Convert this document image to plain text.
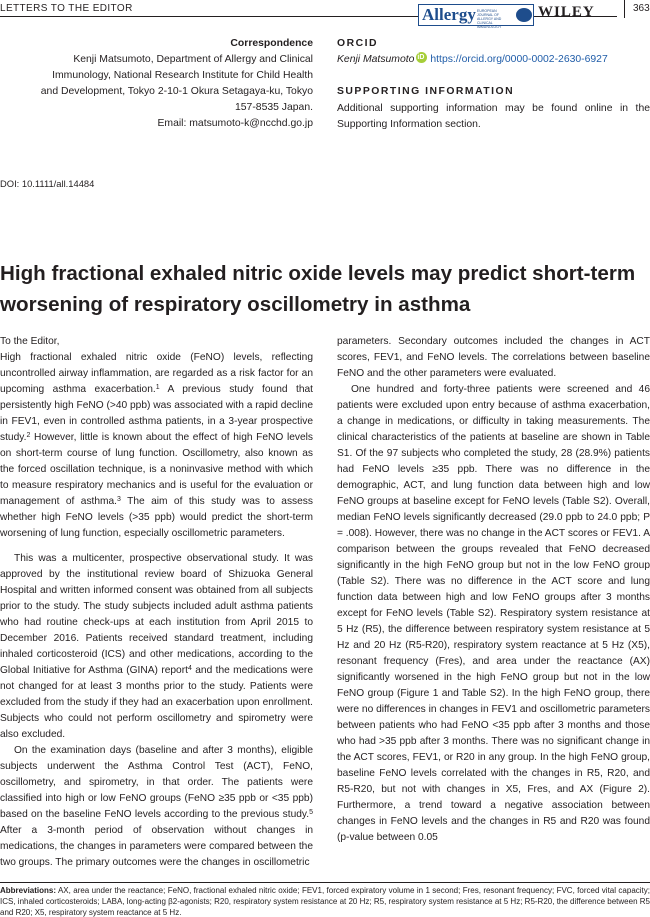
LETTERS TO THE EDITOR	Allergy EUROPEAN JOURNAL OF ALLERGY AND CLINICAL IMMUNOLOGY
WILEY	363
Correspondence
Kenji Matsumoto, Department of Allergy and Clinical
Immunology, National Research Institute for Child Health
and Development, Tokyo 2-10-1 Okura Setagaya-ku, Tokyo
157-8535 Japan.
Email: matsumoto-k@ncchd.go.jp
ORCID
Kenji MatsumotoiD https://orcid.org/0000-0002-2630-6927
SUPPORTING INFORMATION
Additional supporting information may be found online in the Supporting Information section.
DOI: 10.1111/all.14484
High fractional exhaled nitric oxide levels may predict short-term worsening of respiratory oscillometry in asthma

To the Editor,

High fractional exhaled nitric oxide (FeNO) levels, reflecting uncontrolled airway inflammation, are regarded as a risk factor for an upcoming asthma exacerbation.$^1$ A previous study found that persistently high FeNO (>40 ppb) was associated with a rapid decline in FEV1, even in controlled asthma patients, in a 3-year prospective study.$^2$ However, little is known about the effect of high FeNO levels on short-term course of lung function. Oscillometry, also known as the forced oscillation technique, is a noninvasive method with which to measure respiratory mechanics and is useful for the evaluation or management of asthma.$^3$ The aim of this study was to assess whether high FeNO levels (>35 ppb) would predict the short-term worsening of lung function, especially oscillometric parameters.

This was a multicenter, prospective observational study. It was approved by the institutional review board of Shizuoka General Hospital and written informed consent was obtained from all subjects prior to the study. The study subjects included adult asthma patients who had routine check-ups at each institution from April 2015 to December 2016. Patients received standard treatment, including inhaled corticosteroid (ICS) and other medications, according to the Global Initiative for Asthma (GINA) report$^4$ and the medications were not changed for at least 3 months prior to the study. Patients were excluded from the study if they had an exacerbation upon enrollment. Subjects who could not perform oscillometry and spirometry were also excluded.

On the examination days (baseline and after 3 months), eligible subjects underwent the Asthma Control Test (ACT), FeNO, oscillometry, and spirometry, in that order. The patients were classified into high or low FeNO groups (FeNO ≥35 ppb or <35 ppb) based on the baseline FeNO levels according to the previous study.$^5$ After a 3-month period of observation without changes in medications, the changes in parameters were compared between the two groups. The primary outcomes were the changes in oscillometric

parameters. Secondary outcomes included the changes in ACT scores, FEV1, and FeNO levels. The correlations between baseline FeNO and the other parameters were evaluated.

One hundred and forty-three patients were screened and 46 patients were excluded upon entry because of asthma exacerbation, a change in medications, or difficulty in taking measurements. The clinical characteristics of the patients at baseline are shown in Table S1. Of the 97 subjects who completed the study, 28 (28.9%) patients had FeNO levels ≥35 ppb. There was no difference in the demographic, ACT, and lung function data between high and low FeNO groups at baseline except for FeNO levels (Table S2). Overall, median FeNO levels significantly decreased (29.0 ppb to 24.0 ppb; P = .008). However, there was no change in the ACT scores or FEV1. A comparison between the groups revealed that FeNO decreased significantly in the high FeNO group but not in the low FeNO group (Table S2). There was no difference in the ACT score and lung function data between high and low FeNO groups after 3 months except for FeNO levels (Table S2). Respiratory system resistance at 5 Hz (R5), the difference between respiratory system resistance at 5 Hz and 20 Hz (R5-R20), respiratory system reactance at 5 Hz (X5), resonant frequency (Fres), and area under the reactance (AX) significantly worsened in the high FeNO group but not in the low FeNO group (Figure 1 and Table S2). In the high FeNO group, there were no differences in changes in FEV1 and oscillometric parameters between patients who had FeNO <35 ppb after 3 months and those who had >35 ppb after 3 months. There was no significant change in the ACT scores, FEV1, or R20 in any group. In the high FeNO group, baseline FeNO levels correlated with the changes in R5, R20, and R5-R20, but not with changes in X5, Fres, and AX (Figure 2). Furthermore, a trend toward a negative association between changes in FeNO levels and the changes in R5 and R20 was found (p-value between 0.05

Abbreviations: AX, area under the reactance; FeNO, fractional exhaled nitric oxide; FEV1, forced expiratory volume in 1 second; Fres, resonant frequency; FVC, forced vital capacity; ICS, inhaled corticosteroids; LABA, long-acting β2-agonists; R20, respiratory system resistance at 20 Hz; R5, respiratory system resistance at 5 Hz; R5-R20, the difference between R5 and R20; X5, respiratory system reactance at 5 Hz.
